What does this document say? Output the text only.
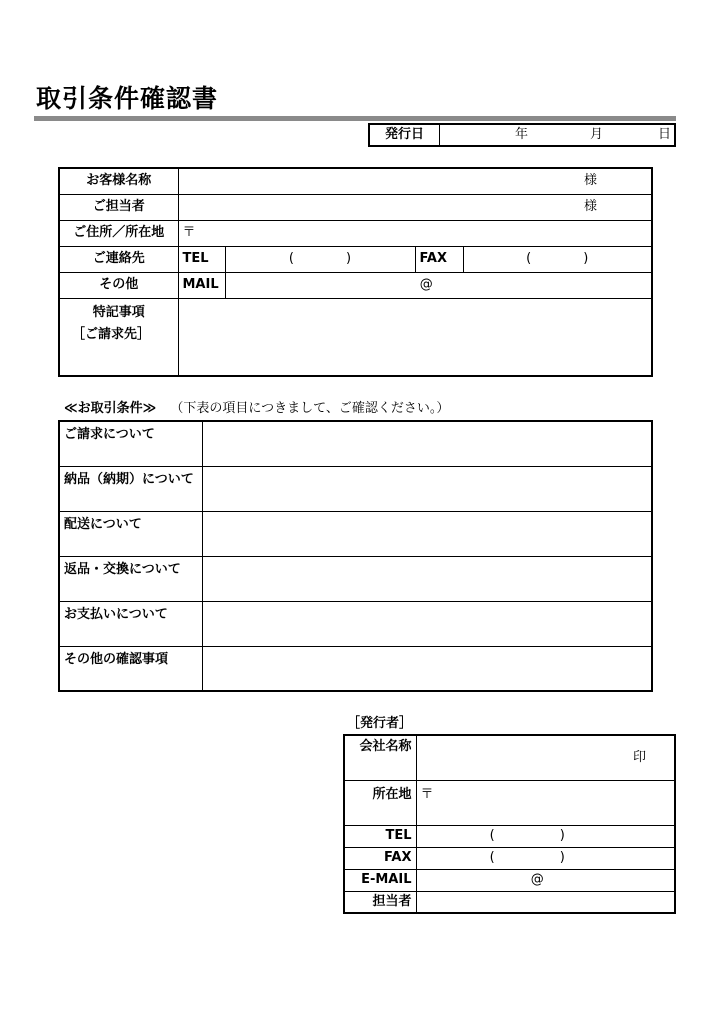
取引条件確認書
発行日	年	月	日
お客様名称	様			

ご担当者	様			

ご住所／所在地	〒			
ご連絡先	TEL	(　　　　)	FAX	(　　　　)
その他	MAIL	@		

特記事項
［ご請求先］				

≪お取引条件≫ （下表の項目につきまして、ご確認ください。）
ご請求について	
納品（納期）について	
配送について	
返品・交換について	
お支払いについて	
その他の確認事項	
［発行者］
会社名称	印

所在地	〒
TEL	(　　　　　)
FAX	(　　　　　)
E-MAIL	@
担当者	
